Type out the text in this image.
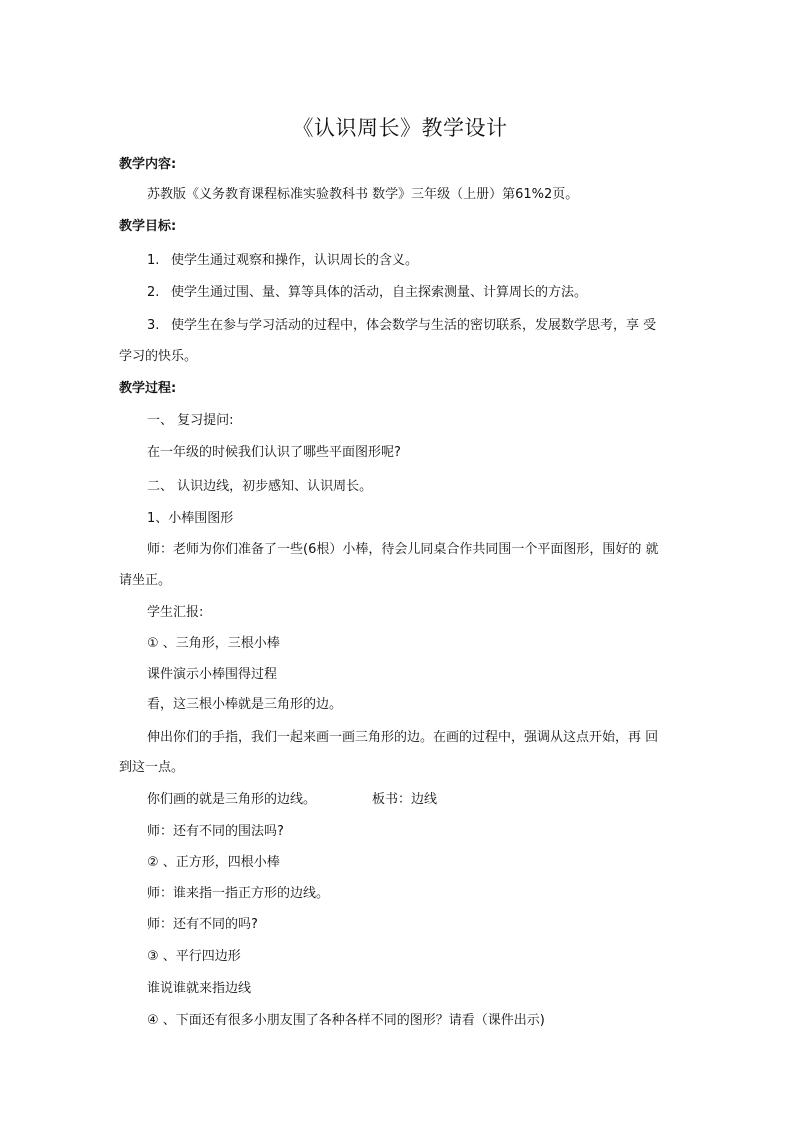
《认识周长》教学设计
教学内容:
苏教版《义务教育课程标准实验教科书 数学》三年级（上册）第61%2页。
教学目标:
1. 使学生通过观察和操作，认识周长的含义。
2. 使学生通过围、量、算等具体的活动，自主探索测量、计算周长的方法。
3. 使学生在参与学习活动的过程中，体会数学与生活的密切联系，发展数学思考，享 受
学习的快乐。
教学过程:
一、 复习提问:
在一年级的时候我们认识了哪些平面图形呢?
二、 认识边线，初步感知、认识周长。
1、小棒围图形
师：老师为你们准备了一些(6根）小棒，待会儿同桌合作共同围一个平面图形，围好的 就
请坐正。
学生汇报:
① 、三角形，三根小棒
课件演示小棒围得过程
看，这三根小棒就是三角形的边。
伸出你们的手指，我们一起来画一画三角形的边。在画的过程中，强调从这点开始，再 回
到这一点。
你们画的就是三角形的边线。	板书：边线
师：还有不同的围法吗?
② 、正方形，四根小棒
师：谁来指一指正方形的边线。
师：还有不同的吗?
③ 、平行四边形
谁说谁就来指边线
④ 、下面还有很多小朋友围了各种各样不同的图形？请看（课件出示)
